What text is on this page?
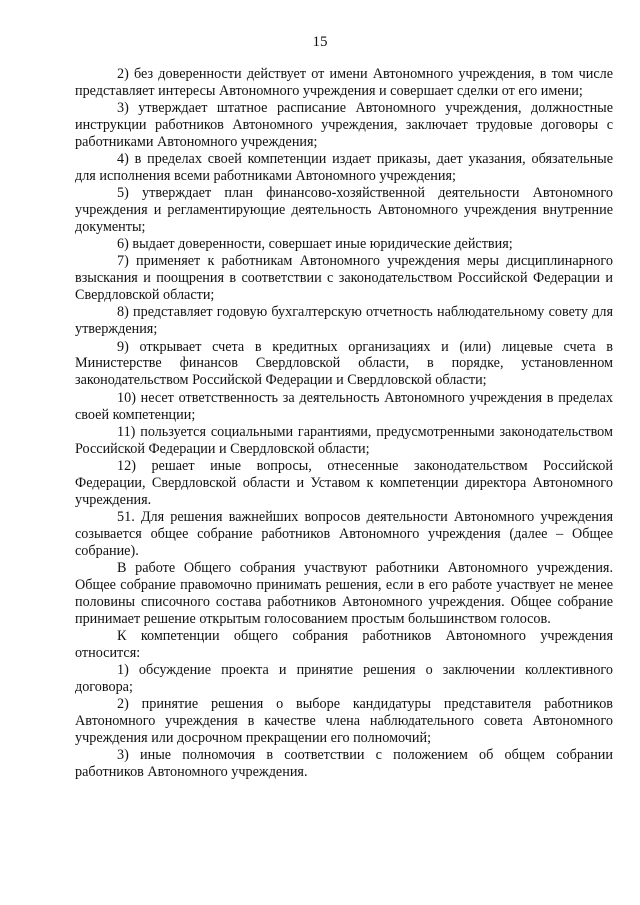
15

2) без доверенности действует от имени Автономного учреждения, в том числе представляет интересы Автономного учреждения и совершает сделки от его имени;

3) утверждает штатное расписание Автономного учреждения, должностные инструкции работников Автономного учреждения, заключает трудовые договоры с работниками Автономного учреждения;

4) в пределах своей компетенции издает приказы, дает указания, обязательные для исполнения всеми работниками Автономного учреждения;

5) утверждает план финансово-хозяйственной деятельности Автономного учреждения и регламентирующие деятельность Автономного учреждения внутренние документы;

6) выдает доверенности, совершает иные юридические действия;

7) применяет к работникам Автономного учреждения меры дисциплинарного взыскания и поощрения в соответствии с законодательством Российской Федерации и Свердловской области;

8) представляет годовую бухгалтерскую отчетность наблюдательному совету для утверждения;

9) открывает счета в кредитных организациях и (или) лицевые счета в Министерстве финансов Свердловской области, в порядке, установленном законодательством Российской Федерации и Свердловской области;

10) несет ответственность за деятельность Автономного учреждения в пределах своей компетенции;

11) пользуется социальными гарантиями, предусмотренными законодательством Российской Федерации и Свердловской области;

12) решает иные вопросы, отнесенные законодательством Российской Федерации, Свердловской области и Уставом к компетенции директора Автономного учреждения.

51. Для решения важнейших вопросов деятельности Автономного учреждения созывается общее собрание работников Автономного учреждения (далее – Общее собрание).

В работе Общего собрания участвуют работники Автономного учреждения. Общее собрание правомочно принимать решения, если в его работе участвует не менее половины списочного состава работников Автономного учреждения. Общее собрание принимает решение открытым голосованием простым большинством голосов.

К компетенции общего собрания работников Автономного учреждения относится:

1) обсуждение проекта и принятие решения о заключении коллективного договора;

2) принятие решения о выборе кандидатуры представителя работников Автономного учреждения в качестве члена наблюдательного совета Автономного учреждения или досрочном прекращении его полномочий;

3) иные полномочия в соответствии с положением об общем собрании работников Автономного учреждения.
